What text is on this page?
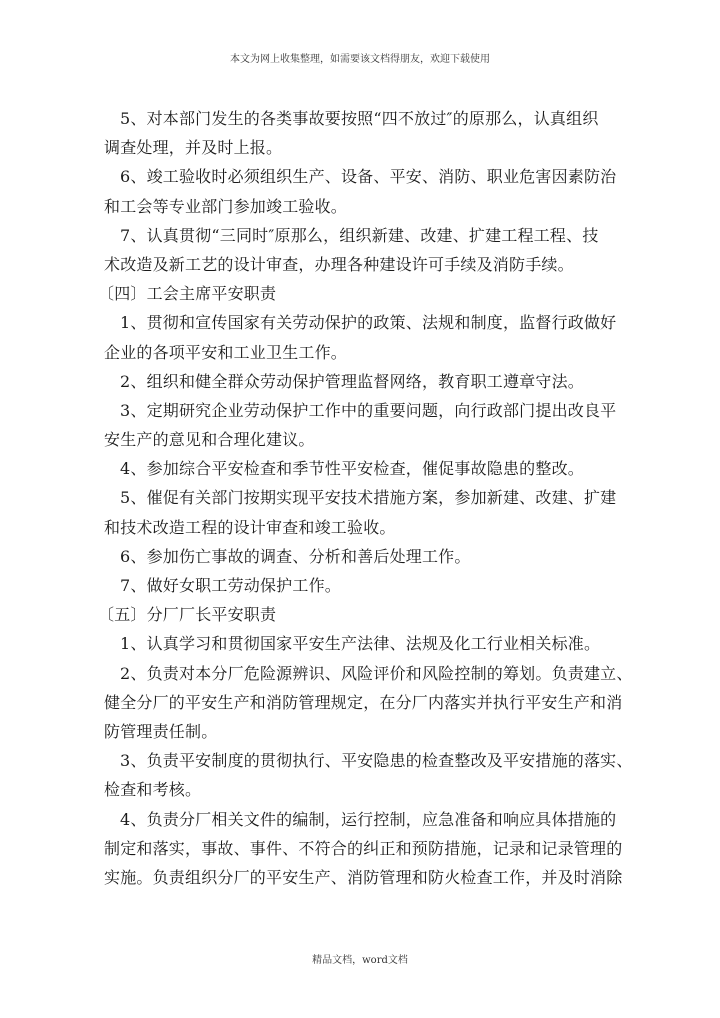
本文为网上收集整理，如需要该文档得朋友，欢迎下载使用
5、对本部门发生的各类事故要按照“四不放过″的原那么，认真组织
调查处理，并及时上报。
6、竣工验收时必须组织生产、设备、平安、消防、职业危害因素防治
和工会等专业部门参加竣工验收。
7、认真贯彻“三同时″原那么，组织新建、改建、扩建工程工程、技
术改造及新工艺的设计审查，办理各种建设许可手续及消防手续。
〔四〕工会主席平安职责
1、贯彻和宣传国家有关劳动保护的政策、法规和制度，监督行政做好
企业的各项平安和工业卫生工作。
2、组织和健全群众劳动保护管理监督网络，教育职工遵章守法。
3、定期研究企业劳动保护工作中的重要问题，向行政部门提出改良平
安生产的意见和合理化建议。
4、参加综合平安检查和季节性平安检查，催促事故隐患的整改。
5、催促有关部门按期实现平安技术措施方案，参加新建、改建、扩建
和技术改造工程的设计审查和竣工验收。
6、参加伤亡事故的调查、分析和善后处理工作。
7、做好女职工劳动保护工作。
〔五〕分厂厂长平安职责
1、认真学习和贯彻国家平安生产法律、法规及化工行业相关标准。
2、负责对本分厂危险源辨识、风险评价和风险控制的筹划。负责建立、
健全分厂的平安生产和消防管理规定，在分厂内落实并执行平安生产和消
防管理责任制。
3、负责平安制度的贯彻执行、平安隐患的检查整改及平安措施的落实、
检查和考核。
4、负责分厂相关文件的编制，运行控制，应急准备和响应具体措施的
制定和落实，事故、事件、不符合的纠正和预防措施，记录和记录管理的
实施。负责组织分厂的平安生产、消防管理和防火检查工作，并及时消除
精品文档，word文档
